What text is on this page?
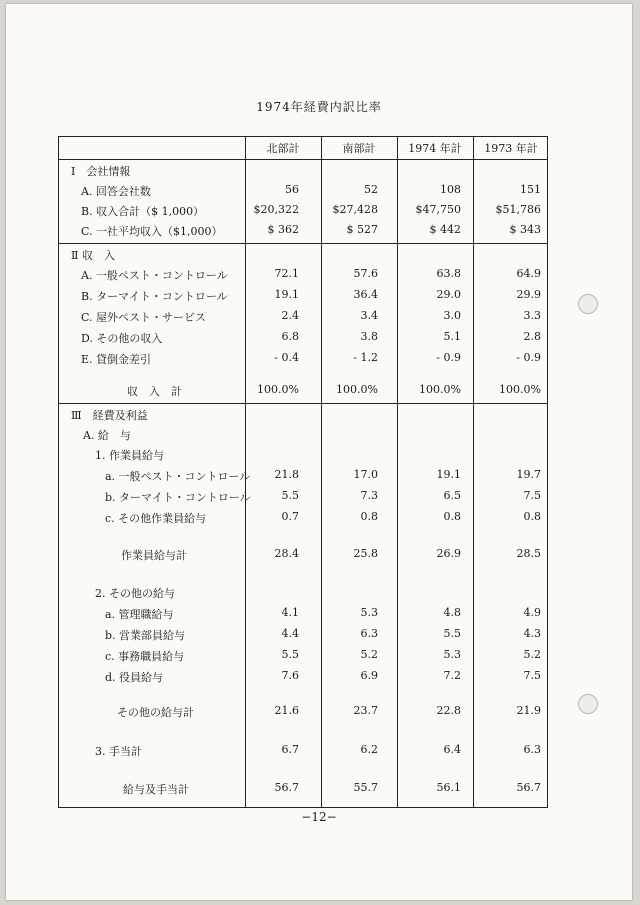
1974年経費内訳比率
北部計	南部計	1974 年計	1973 年計
Ⅰ　会社情報
A. 回答会社数	56	52	108	151
B. 収入合計（$ 1,000）	$20,322	$27,428	$47,750	$51,786
C. 一社平均収入（$1,000）	$ 362	$ 527	$ 442	$ 343
Ⅱ 収　入
A. 一般ペスト・コントロール	72.1	57.6	63.8	64.9
B. ターマイト・コントロール	19.1	36.4	29.0	29.9
C. 屋外ペスト・サービス	2.4	3.4	3.0	3.3
D. その他の収入	6.8	3.8	5.1	2.8
E. 貸倒金差引	- 0.4	- 1.2	- 0.9	- 0.9
収　入　計	100.0%	100.0%	100.0%	100.0%
Ⅲ　経費及利益
A. 給　与
1. 作業員給与
a. 一般ペスト・コントロール	21.8	17.0	19.1	19.7
b. ターマイト・コントロール	5.5	7.3	6.5	7.5
c. その他作業員給与	0.7	0.8	0.8	0.8
作業員給与計	28.4	25.8	26.9	28.5
2. その他の給与
a. 管理職給与	4.1	5.3	4.8	4.9
b. 営業部員給与	4.4	6.3	5.5	4.3
c. 事務職員給与	5.5	5.2	5.3	5.2
d. 役員給与	7.6	6.9	7.2	7.5
その他の給与計	21.6	23.7	22.8	21.9
3. 手当計	6.7	6.2	6.4	6.3
給与及手当計	56.7	55.7	56.1	56.7
−12−
